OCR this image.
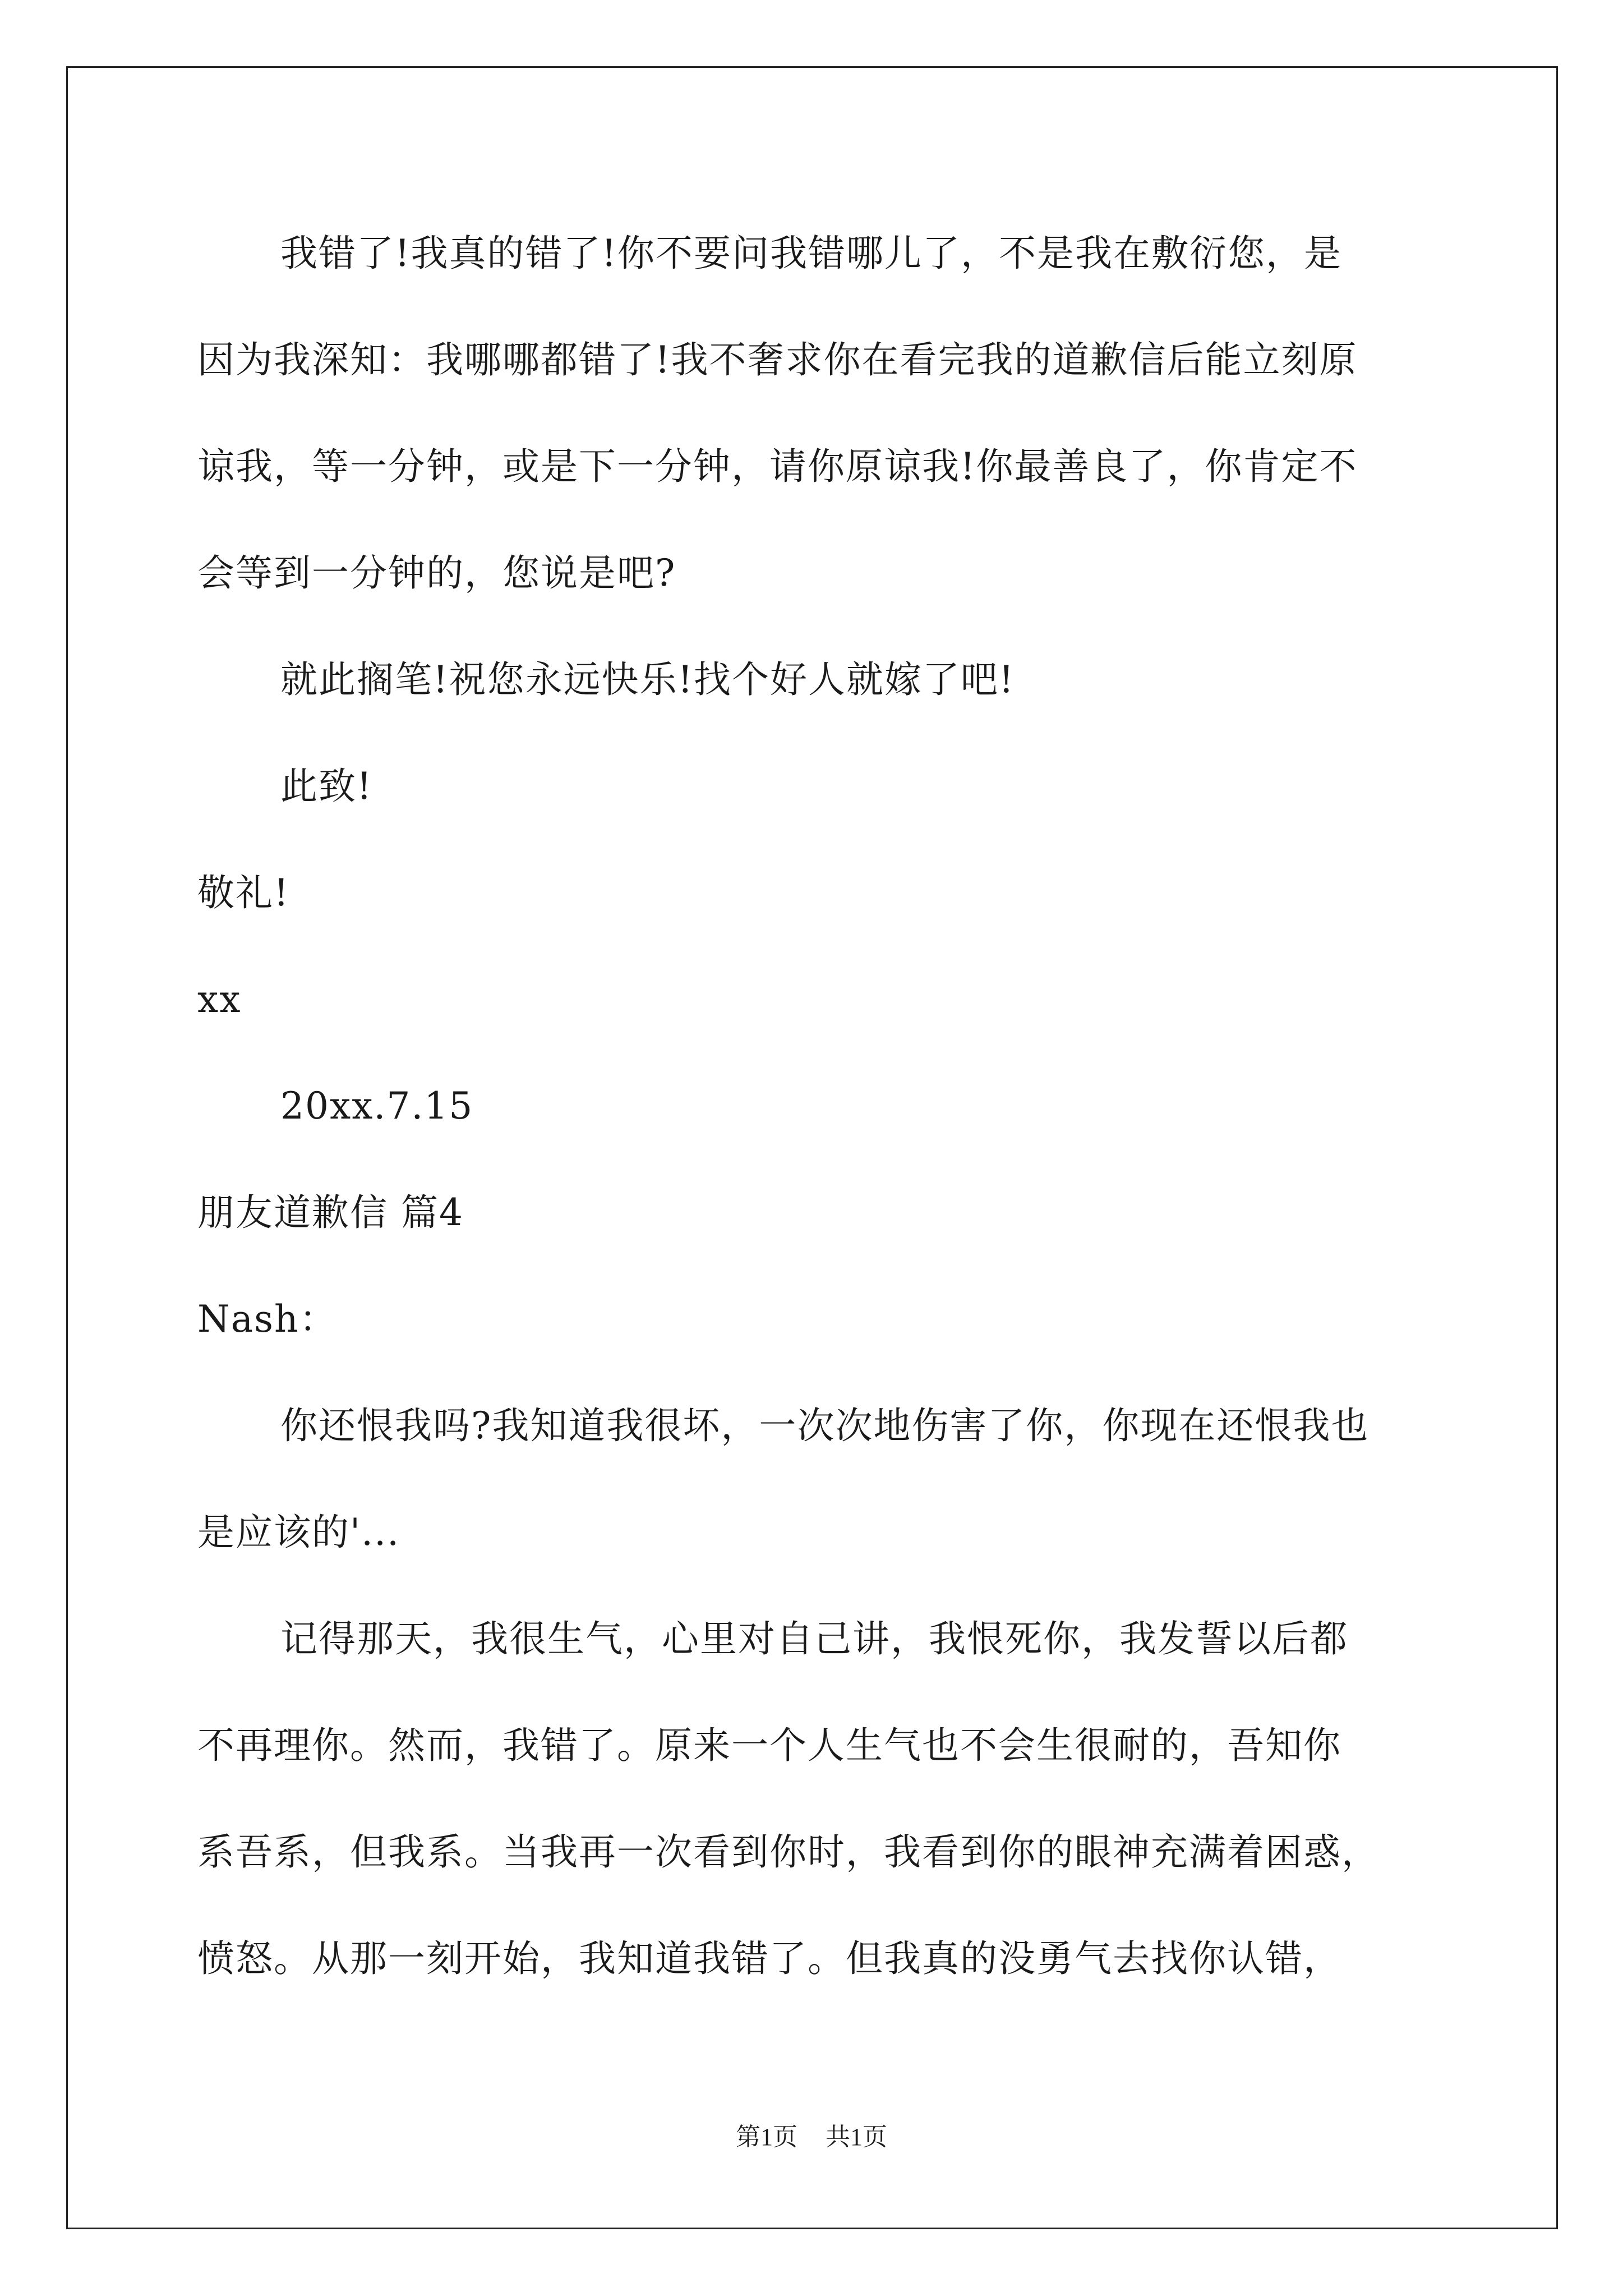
我错了!我真的错了!你不要问我错哪儿了，不是我在敷衍您，是
因为我深知：我哪哪都错了!我不奢求你在看完我的道歉信后能立刻原
谅我，等一分钟，或是下一分钟，请你原谅我!你最善良了，你肯定不
会等到一分钟的，您说是吧?
就此搁笔!祝您永远快乐!找个好人就嫁了吧!
此致!
敬礼!
xx
20xx.7.15
朋友道歉信 篇4
Nash：
你还恨我吗?我知道我很坏，一次次地伤害了你，你现在还恨我也
是应该的'...
记得那天，我很生气，心里对自己讲，我恨死你，我发誓以后都
不再理你。然而，我错了。原来一个人生气也不会生很耐的，吾知你
系吾系，但我系。当我再一次看到你时，我看到你的眼神充满着困惑，
愤怒。从那一刻开始，我知道我错了。但我真的没勇气去找你认错，
第1页 共1页
